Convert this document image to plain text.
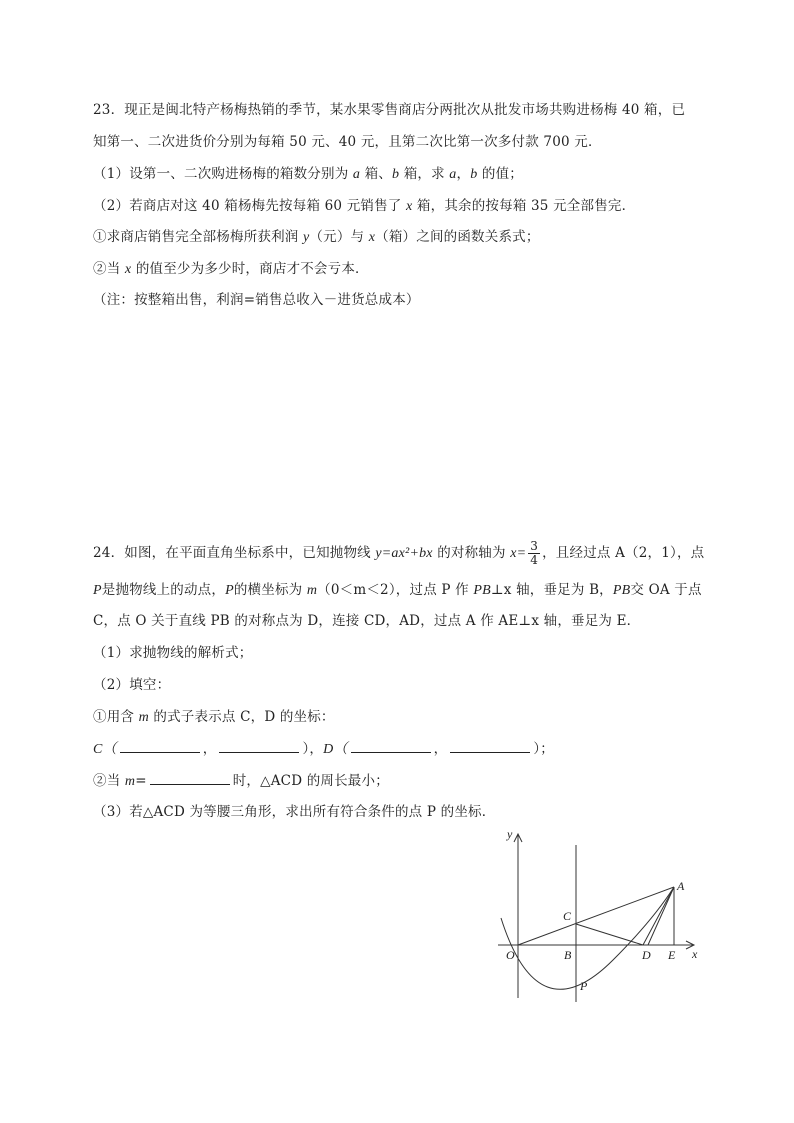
23．现正是闽北特产杨梅热销的季节，某水果零售商店分两批次从批发市场共购进杨梅 40 箱，已
知第一、二次进货价分别为每箱 50 元、40 元，且第二次比第一次多付款 700 元．
（1）设第一、二次购进杨梅的箱数分别为 a 箱、b 箱，求 a，b 的值；
（2）若商店对这 40 箱杨梅先按每箱 60 元销售了 x 箱，其余的按每箱 35 元全部售完．
①求商店销售完全部杨梅所获利润 y（元）与 x（箱）之间的函数关系式；
②当 x 的值至少为多少时，商店才不会亏本．
（注：按整箱出售，利润=销售总收入－进货总成本）
24．如图，在平面直角坐标系中，已知抛物线 y=ax²+bx 的对称轴为 $x= \frac{3}{4}$ ，且经过点 A（2，1），点
P是抛物线上的动点，P的横坐标为 m（0＜m＜2），过点 P 作 PB⊥x 轴，垂足为 B，PB交 OA 于点
C，点 O 关于直线 PB 的对称点为 D，连接 CD，AD，过点 A 作 AE⊥x 轴，垂足为 E．
（1）求抛物线的解析式；
（2）填空：
①用含 m 的式子表示点 C，D 的坐标：
C（	，	），D（	，	）；
②当 m=	时，△ACD 的周长最小；
（3）若△ACD 为等腰三角形，求出所有符合条件的点 P 的坐标．
y
x
O	B
C
D E
A
P
